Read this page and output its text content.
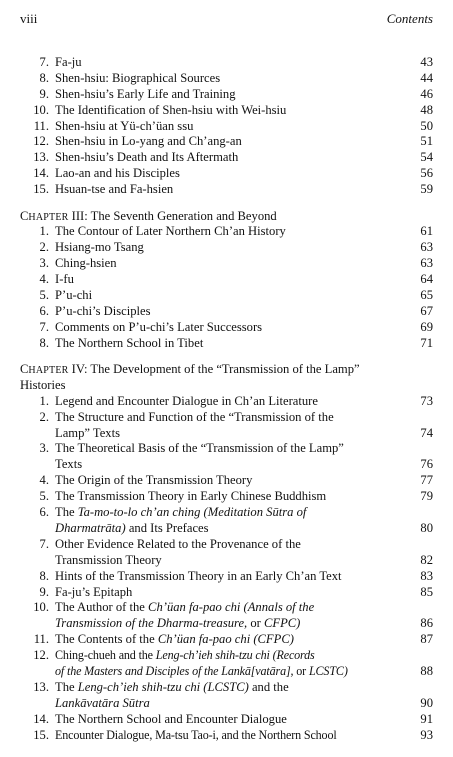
viii	Contents
7. Fa-ju	43
8. Shen-hsiu: Biographical Sources	44
9. Shen-hsiu’s Early Life and Training	46
10. The Identification of Shen-hsiu with Wei-hsiu	48
11. Shen-hsiu at Yü-ch’üan ssu	50
12. Shen-hsiu in Lo-yang and Ch’ang-an	51
13. Shen-hsiu’s Death and Its Aftermath	54
14. Lao-an and his Disciples	56
15. Hsuan-tse and Fa-hsien	59
CHAPTER III: The Seventh Generation and Beyond
1. The Contour of Later Northern Ch’an History	61
2. Hsiang-mo Tsang	63
3. Ching-hsien	63
4. I-fu	64
5. P’u-chi	65
6. P’u-chi’s Disciples	67
7. Comments on P’u-chi’s Later Successors	69
8. The Northern School in Tibet	71
CHAPTER IV: The Development of the “Transmission of the Lamp”
Histories
1. Legend and Encounter Dialogue in Ch’an Literature	73
2. The Structure and Function of the “Transmission of the
Lamp” Texts	74
3. The Theoretical Basis of the “Transmission of the Lamp”
Texts	76
4. The Origin of the Transmission Theory	77
5. The Transmission Theory in Early Chinese Buddhism	79
6. The Ta-mo-to-lo ch’an ching (Meditation Sūtra of
Dharmatrāta) and Its Prefaces	80
7. Other Evidence Related to the Provenance of the
Transmission Theory	82
8. Hints of the Transmission Theory in an Early Ch’an Text	83
9. Fa-ju’s Epitaph	85
10. The Author of the Ch’üan fa-pao chi (Annals of the
Transmission of the Dharma-treasure, or CFPC)	86
11. The Contents of the Ch’üan fa-pao chi (CFPC)	87
12. Ching-chueh and the Leng-ch’ieh shih-tzu chi (Records
of the Masters and Disciples of the Lankā[vatāra], or LCSTC)	88
13. The Leng-ch’ieh shih-tzu chi (LCSTC) and the
Lankāvatāra Sūtra	90
14. The Northern School and Encounter Dialogue	91
15. Encounter Dialogue, Ma-tsu Tao-i, and the Northern School	93
